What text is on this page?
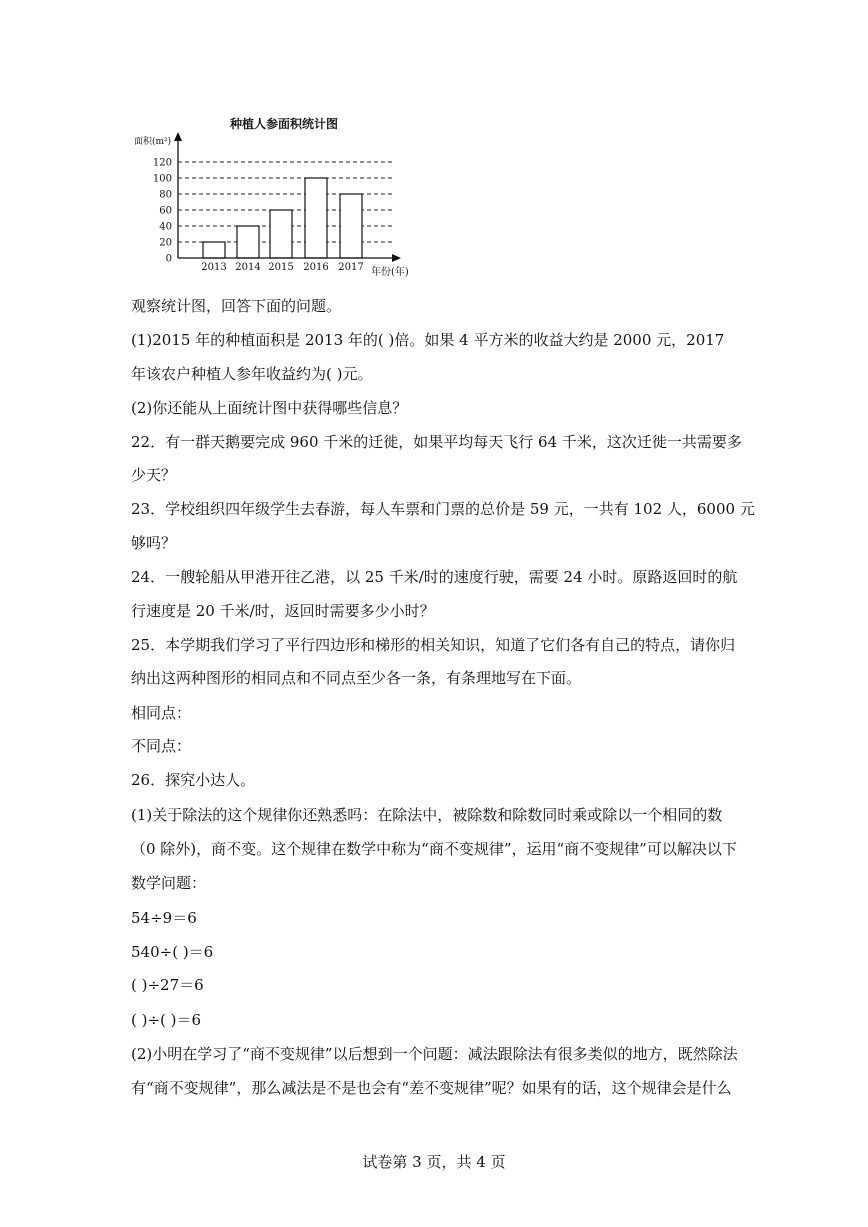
种植人参面积统计图
面积(m²)
年份(年)
0
20
40
60
80
100
120
2013 2014 2015 2016 2017
观察统计图，回答下面的问题。
(1)2015 年的种植面积是 2013 年的( )倍。如果 4 平方米的收益大约是 2000 元，2017
年该农户种植人参年收益约为( )元。
(2)你还能从上面统计图中获得哪些信息？
22．有一群天鹅要完成 960 千米的迁徙，如果平均每天飞行 64 千米，这次迁徙一共需要多
少天？
23．学校组织四年级学生去春游，每人车票和门票的总价是 59 元，一共有 102 人，6000 元
够吗？
24．一艘轮船从甲港开往乙港，以 25 千米/时的速度行驶，需要 24 小时。原路返回时的航
行速度是 20 千米/时，返回时需要多少小时？
25．本学期我们学习了平行四边形和梯形的相关知识，知道了它们各有自己的特点，请你归
纳出这两种图形的相同点和不同点至少各一条，有条理地写在下面。
相同点：
不同点：
26．探究小达人。
(1)关于除法的这个规律你还熟悉吗：在除法中，被除数和除数同时乘或除以一个相同的数
（0 除外)，商不变。这个规律在数学中称为“商不变规律”，运用“商不变规律”可以解决以下
数学问题：
54÷9＝6
540÷( )＝6
( )÷27＝6
( )÷( )＝6
(2)小明在学习了“商不变规律”以后想到一个问题：减法跟除法有很多类似的地方，既然除法
有“商不变规律”，那么减法是不是也会有“差不变规律”呢？如果有的话，这个规律会是什么
试卷第 3 页，共 4 页
